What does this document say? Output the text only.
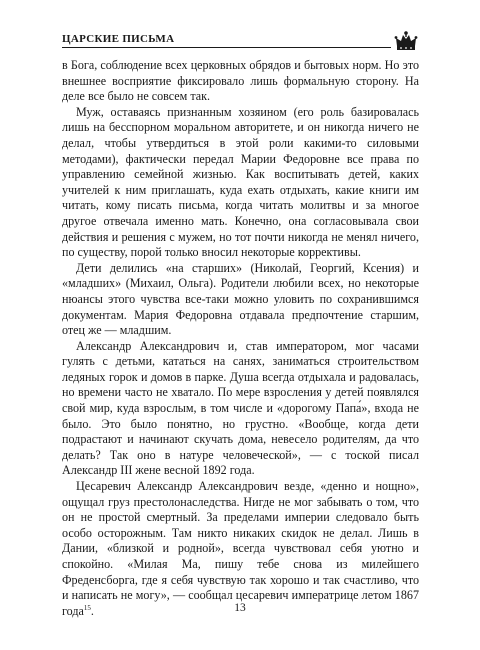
ЦАРСКИЕ ПИСЬМА

в Бога, соблюдение всех церковных обрядов и бытовых норм. Но это внешнее восприятие фиксировало лишь формальную сторону. На деле все было не совсем так.

Муж, оставаясь признанным хозяином (его роль базировалась лишь на бесспорном моральном авторитете, и он никогда ничего не делал, чтобы утвердиться в этой роли какими-то силовыми методами), фактически передал Марии Федоровне все права по управлению семейной жизнью. Как воспитывать детей, каких учителей к ним приглашать, куда ехать отдыхать, какие книги им читать, кому писать письма, когда читать молитвы и за многое другое отвечала именно мать. Конечно, она согласовывала свои действия и решения с мужем, но тот почти никогда не менял ничего, по существу, порой только вносил некоторые коррективы.

Дети делились «на старших» (Николай, Георгий, Ксения) и «младших» (Михаил, Ольга). Родители любили всех, но некоторые нюансы этого чувства все-таки можно уловить по сохранившимся документам. Мария Федоровна отдавала предпочтение старшим, отец же — младшим.

Александр Александрович и, став императором, мог часами гулять с детьми, кататься на санях, заниматься строительством ледяных горок и домов в парке. Душа всегда отдыхала и радовалась, но времени часто не хватало. По мере взросления у детей появлялся свой мир, куда взрослым, в том числе и «дорогому Папа́», входа не было. Это было понятно, но грустно. «Вообще, когда дети подрастают и начинают скучать дома, невесело родителям, да что делать? Так оно в натуре человеческой», — с тоской писал Александр III жене весной 1892 года.

Цесаревич Александр Александрович везде, «денно и нощно», ощущал груз престолонаследства. Нигде не мог забывать о том, что он не простой смертный. За пределами империи следовало быть особо осторожным. Там никто никаких скидок не делал. Лишь в Дании, «близкой и родной», всегда чувствовал себя уютно и спокойно. «Милая Ма, пишу тебе снова из милейшего Фреденсборга, где я себя чувствую так хорошо и так счастливо, что и написать не могу», — сообщал цесаревич императрице летом 1867 года$^{15}$.	13
